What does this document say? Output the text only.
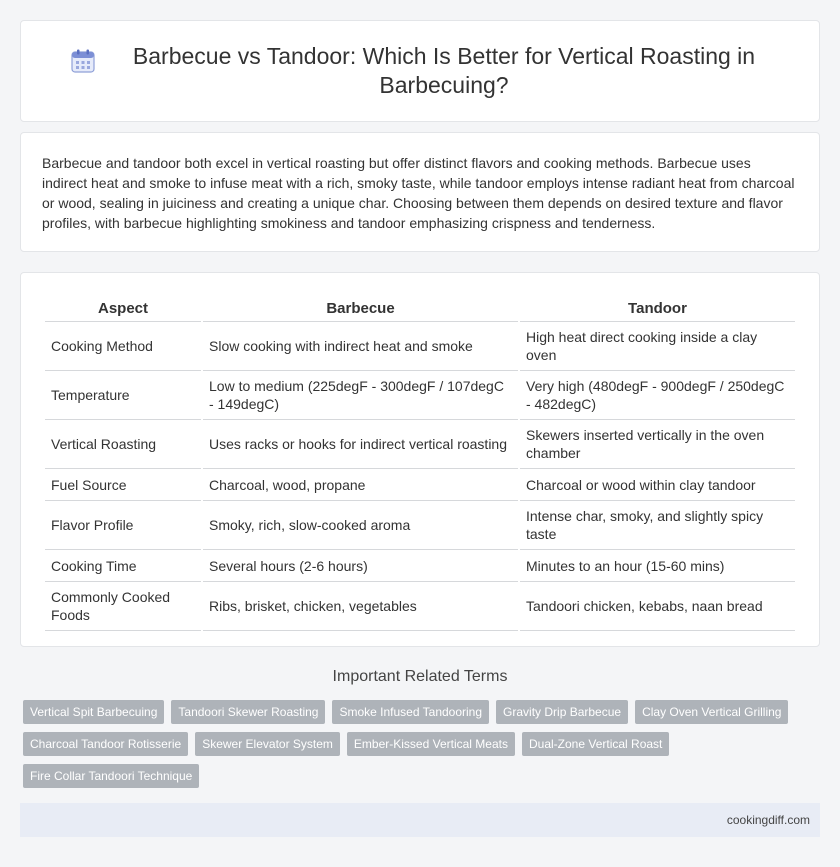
Barbecue vs Tandoor: Which Is Better for Vertical Roasting in Barbecuing?
Barbecue and tandoor both excel in vertical roasting but offer distinct flavors and cooking methods. Barbecue uses indirect heat and smoke to infuse meat with a rich, smoky taste, while tandoor employs intense radiant heat from charcoal or wood, sealing in juiciness and creating a unique char. Choosing between them depends on desired texture and flavor profiles, with barbecue highlighting smokiness and tandoor emphasizing crispness and tenderness.
Aspect	Barbecue	Tandoor
Cooking Method	Slow cooking with indirect heat and smoke	High heat direct cooking inside a clay oven
Temperature	Low to medium (225degF - 300degF / 107degC - 149degC)	Very high (480degF - 900degF / 250degC - 482degC)
Vertical Roasting	Uses racks or hooks for indirect vertical roasting	Skewers inserted vertically in the oven chamber
Fuel Source	Charcoal, wood, propane	Charcoal or wood within clay tandoor
Flavor Profile	Smoky, rich, slow-cooked aroma	Intense char, smoky, and slightly spicy taste
Cooking Time	Several hours (2-6 hours)	Minutes to an hour (15-60 mins)
Commonly Cooked Foods	Ribs, brisket, chicken, vegetables	Tandoori chicken, kebabs, naan bread
Important Related Terms
Vertical Spit Barbecuing	Tandoori Skewer Roasting	Smoke Infused Tandooring	Gravity Drip Barbecue	Clay Oven Vertical Grilling
Charcoal Tandoor Rotisserie	Skewer Elevator System	Ember-Kissed Vertical Meats	Dual-Zone Vertical Roast
Fire Collar Tandoori Technique
cookingdiff.com
